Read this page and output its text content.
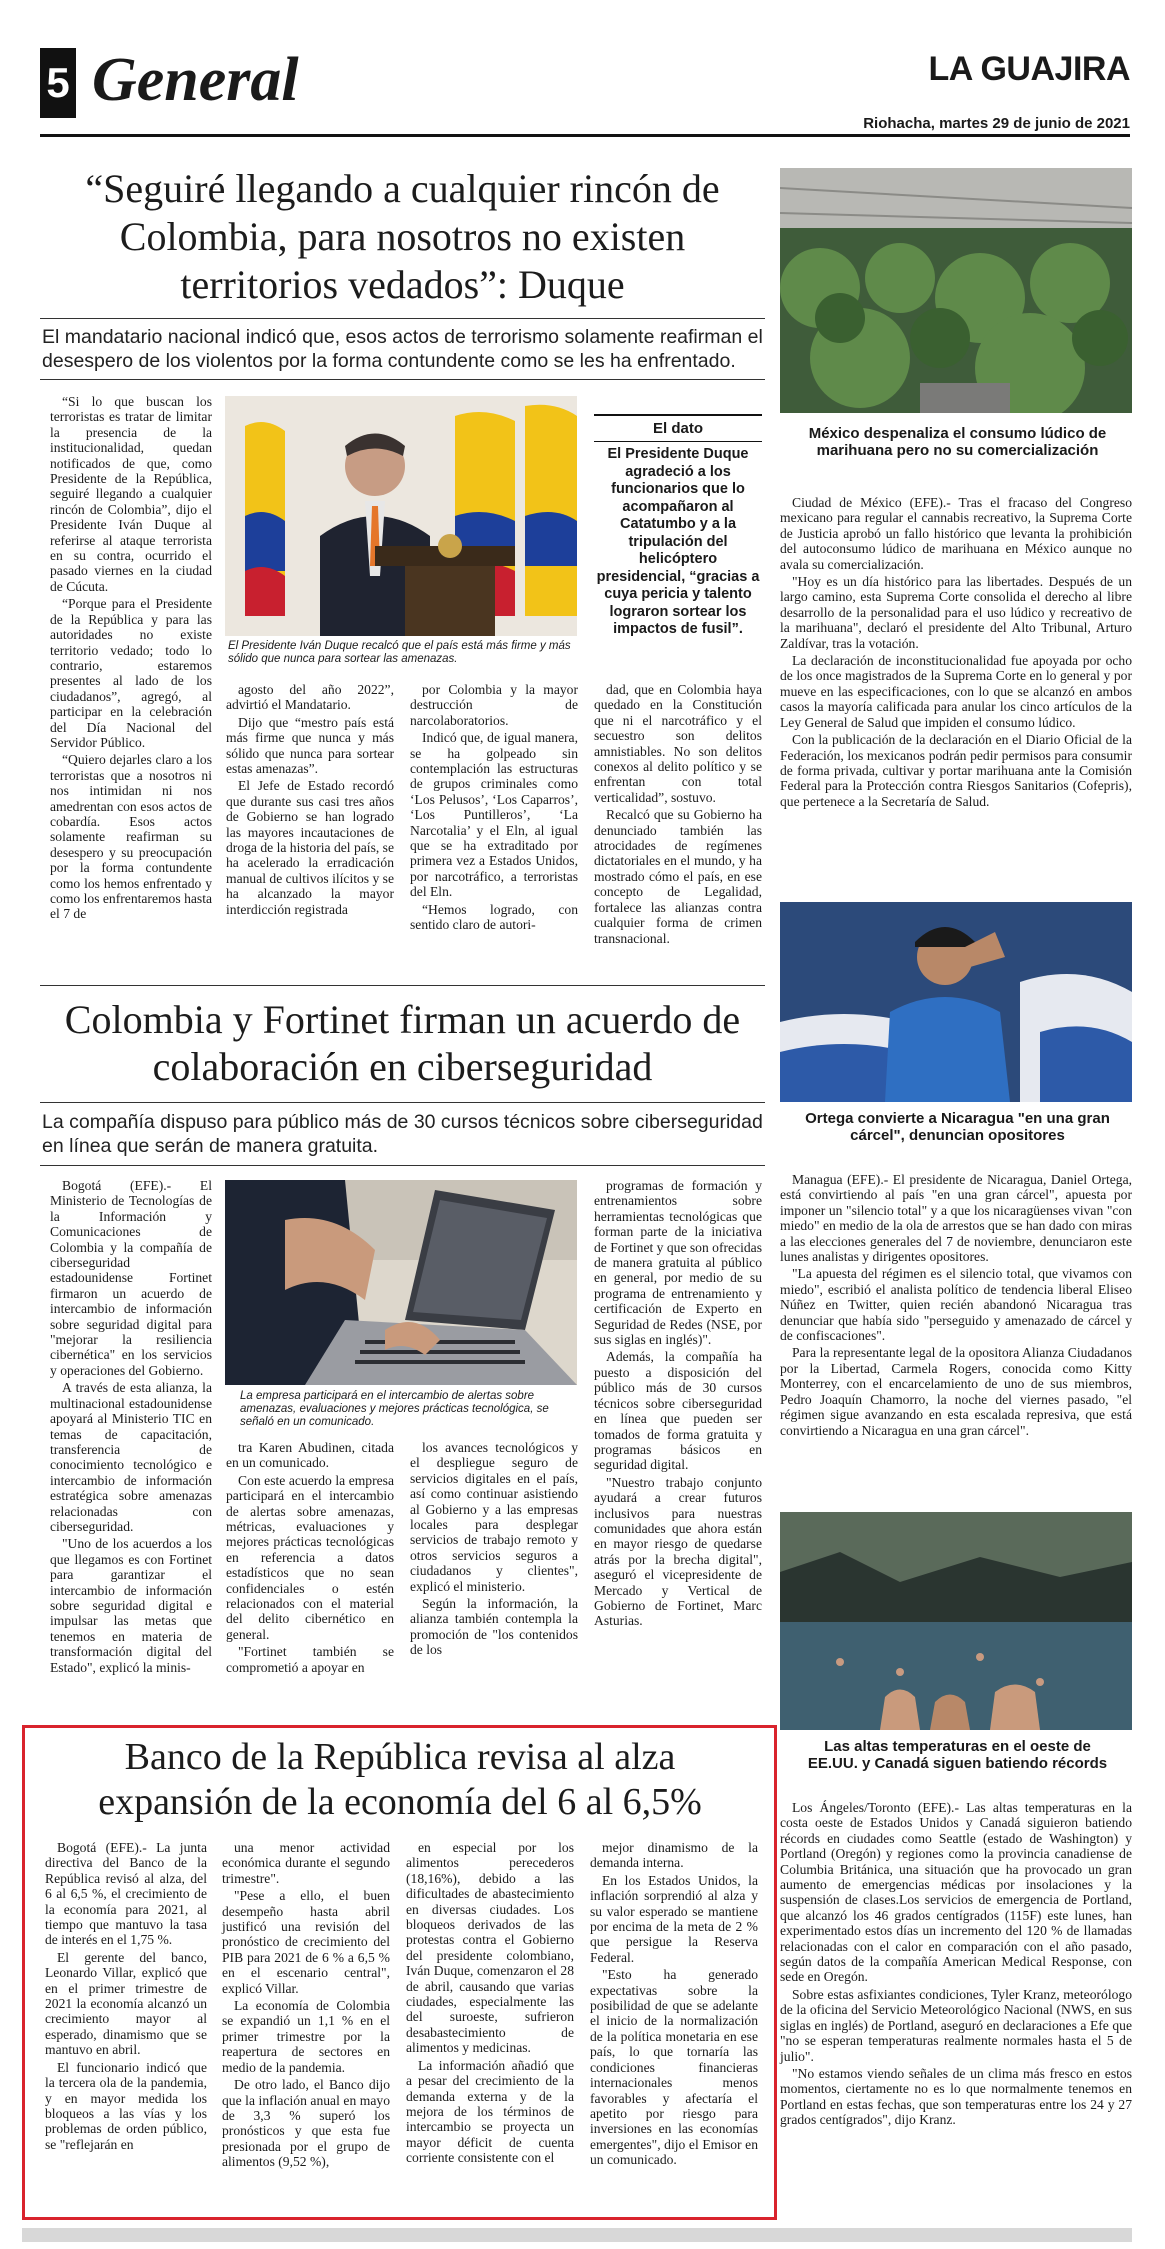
5 General	LA GUAJIRA
Riohacha, martes 29 de junio de 2021
“Seguiré llegando a cualquier rincón de Colombia, para nosotros no existen territorios vedados”: Duque
El mandatario nacional indicó que, esos actos de terrorismo solamente reafirman el desespero de los violentos por la forma contundente como se les ha enfrentado.

“Si lo que buscan los terroristas es tratar de limitar la presencia de la institucionalidad, quedan notificados de que, como Presidente de la República, seguiré llegando a cualquier rincón de Colombia”, dijo el Presidente Iván Duque al referirse al ataque terrorista en su contra, ocurrido el pasado viernes en la ciudad de Cúcuta.

“Porque para el Presidente de la República y para las autoridades no existe territorio vedado; todo lo contrario, estaremos presentes al lado de los ciudadanos”, agregó, al participar en la celebración del Día Nacional del Servidor Público.

“Quiero dejarles claro a los terroristas que a nosotros ni nos intimidan ni nos amedrentan con esos actos de cobardía. Esos actos solamente reafirman su desespero y su preocupación por la forma contundente como los hemos enfrentado y como los enfrentaremos hasta el 7 de

El Presidente Iván Duque recalcó que el país está más firme y más sólido que nunca para sortear las amenazas.

agosto del año 2022”, advirtió el Mandatario.

Dijo que “mestro país está más firme que nunca y más sólido que nunca para sortear estas amenazas”.

El Jefe de Estado recordó que durante sus casi tres años de Gobierno se han logrado las mayores incautaciones de droga de la historia del país, se ha acelerado la erradicación manual de cultivos ilícitos y se ha alcanzado la mayor interdicción registrada

por Colombia y la mayor destrucción de narcolaboratorios.

Indicó que, de igual manera, se ha golpeado sin contemplación las estructuras de grupos criminales como ‘Los Pelusos’, ‘Los Caparros’, ‘Los Puntilleros’, ‘La Narcotalia’ y el Eln, al igual que se ha extraditado por primera vez a Estados Unidos, por narcotráfico, a terroristas del Eln.

“Hemos logrado, con sentido claro de autori-

El dato
El Presidente Duque agradeció a los funcionarios que lo acompañaron al Catatumbo y a la tripulación del helicóptero presidencial, “gracias a cuya pericia y talento lograron sortear los impactos de fusil”.

dad, que en Colombia haya quedado en la Constitución que ni el narcotráfico y el secuestro son delitos amnistiables. No son delitos conexos al delito político y se enfrentan con total verticalidad”, sostuvo.

Recalcó que su Gobierno ha denunciado también las atrocidades de regímenes dictatoriales en el mundo, y ha mostrado cómo el país, en ese concepto de Legalidad, fortalece las alianzas contra cualquier forma de crimen transnacional.

Colombia y Fortinet firman un acuerdo de colaboración en ciberseguridad
La compañía dispuso para público más de 30 cursos técnicos sobre ciberseguridad en línea que serán de manera gratuita.

Bogotá (EFE).- El Ministerio de Tecnologías de la Información y Comunicaciones de Colombia y la compañía de ciberseguridad estadounidense Fortinet firmaron un acuerdo de intercambio de información sobre seguridad digital para "mejorar la resiliencia cibernética" en los servicios y operaciones del Gobierno.

A través de esta alianza, la multinacional estadounidense apoyará al Ministerio TIC en temas de capacitación, transferencia de conocimiento tecnológico e intercambio de información estratégica sobre amenazas relacionadas con ciberseguridad.

"Uno de los acuerdos a los que llegamos es con Fortinet para garantizar el intercambio de información sobre seguridad digital e impulsar las metas que tenemos en materia de transformación digital del Estado", explicó la minis-

La empresa participará en el intercambio de alertas sobre amenazas, evaluaciones y mejores prácticas tecnológica, se señaló en un comunicado.

tra Karen Abudinen, citada en un comunicado.

Con este acuerdo la empresa participará en el intercambio de alertas sobre amenazas, métricas, evaluaciones y mejores prácticas tecnológicas en referencia a datos estadísticos que no sean confidenciales o estén relacionados con el material del delito cibernético en general.

"Fortinet también se comprometió a apoyar en

los avances tecnológicos y el despliegue seguro de servicios digitales en el país, así como continuar asistiendo al Gobierno y a las empresas locales para desplegar servicios de trabajo remoto y otros servicios seguros a ciudadanos y clientes", explicó el ministerio.

Según la información, la alianza también contempla la promoción de "los contenidos de los

programas de formación y entrenamientos sobre herramientas tecnológicas que forman parte de la iniciativa de Fortinet y que son ofrecidas de manera gratuita al público en general, por medio de su programa de entrenamiento y certificación de Experto en Seguridad de Redes (NSE, por sus siglas en inglés)".

Además, la compañía ha puesto a disposición del público más de 30 cursos técnicos sobre ciberseguridad en línea que pueden ser tomados de forma gratuita y programas básicos en seguridad digital.

"Nuestro trabajo conjunto ayudará a crear futuros inclusivos para nuestras comunidades que ahora están en mayor riesgo de quedarse atrás por la brecha digital", aseguró el vicepresidente de Mercado y Vertical de Gobierno de Fortinet, Marc Asturias.

Banco de la República revisa al alza expansión de la economía del 6 al 6,5%

Bogotá (EFE).- La junta directiva del Banco de la República revisó al alza, del 6 al 6,5 %, el crecimiento de la economía para 2021, al tiempo que mantuvo la tasa de interés en el 1,75 %.

El gerente del banco, Leonardo Villar, explicó que en el primer trimestre de 2021 la economía alcanzó un crecimiento mayor al esperado, dinamismo que se mantuvo en abril.

El funcionario indicó que la tercera ola de la pandemia, y en mayor medida los bloqueos a las vías y los problemas de orden público, se "reflejarán en

una menor actividad económica durante el segundo trimestre".

"Pese a ello, el buen desempeño hasta abril justificó una revisión del pronóstico de crecimiento del PIB para 2021 de 6 % a 6,5 % en el escenario central", explicó Villar.

La economía de Colombia se expandió un 1,1 % en el primer trimestre por la reapertura de sectores en medio de la pandemia.

De otro lado, el Banco dijo que la inflación anual en mayo de 3,3 % superó los pronósticos y que esta fue presionada por el grupo de alimentos (9,52 %),

en especial por los alimentos perecederos (18,16%), debido a las dificultades de abastecimiento en diversas ciudades. Los bloqueos derivados de las protestas contra el Gobierno del presidente colombiano, Iván Duque, comenzaron el 28 de abril, causando que varias ciudades, especialmente las del suroeste, sufrieron desabastecimiento de alimentos y medicinas.

La información añadió que a pesar del crecimiento de la demanda externa y de la mejora de los términos de intercambio se proyecta un mayor déficit de cuenta corriente consistente con el

mejor dinamismo de la demanda interna.

En los Estados Unidos, la inflación sorprendió al alza y su valor esperado se mantiene por encima de la meta de 2 % que persigue la Reserva Federal.

"Esto ha generado expectativas sobre la posibilidad de que se adelante el inicio de la normalización de la política monetaria en ese país, lo que tornaría las condiciones financieras internacionales menos favorables y afectaría el apetito por riesgo para inversiones en las economías emergentes", dijo el Emisor en un comunicado.

México despenaliza el consumo lúdico de marihuana pero no su comercialización

Ciudad de México (EFE).- Tras el fracaso del Congreso mexicano para regular el cannabis recreativo, la Suprema Corte de Justicia aprobó un fallo histórico que levanta la prohibición del autoconsumo lúdico de marihuana en México aunque no avala su comercialización.

"Hoy es un día histórico para las libertades. Después de un largo camino, esta Suprema Corte consolida el derecho al libre desarrollo de la personalidad para el uso lúdico y recreativo de la marihuana", declaró el presidente del Alto Tribunal, Arturo Zaldívar, tras la votación.

La declaración de inconstitucionalidad fue apoyada por ocho de los once magistrados de la Suprema Corte en lo general y por mueve en las especificaciones, con lo que se alcanzó en ambos casos la mayoría calificada para anular los cinco artículos de la Ley General de Salud que impiden el consumo lúdico.

Con la publicación de la declaración en el Diario Oficial de la Federación, los mexicanos podrán pedir permisos para consumir de forma privada, cultivar y portar marihuana ante la Comisión Federal para la Protección contra Riesgos Sanitarios (Cofepris), que pertenece a la Secretaría de Salud.

Ortega convierte a Nicaragua "en una gran cárcel", denuncian opositores

Managua (EFE).- El presidente de Nicaragua, Daniel Ortega, está convirtiendo al país "en una gran cárcel", apuesta por imponer un "silencio total" y a que los nicaragüenses vivan "con miedo" en medio de la ola de arrestos que se han dado con miras a las elecciones generales del 7 de noviembre, denunciaron este lunes analistas y dirigentes opositores.

"La apuesta del régimen es el silencio total, que vivamos con miedo", escribió el analista político de tendencia liberal Eliseo Núñez en Twitter, quien recién abandonó Nicaragua tras denunciar que había sido "perseguido y amenazado de cárcel y de confiscaciones".

Para la representante legal de la opositora Alianza Ciudadanos por la Libertad, Carmela Rogers, conocida como Kitty Monterrey, con el encarcelamiento de uno de sus miembros, Pedro Joaquín Chamorro, la noche del viernes pasado, "el régimen sigue avanzando en esta escalada represiva, que está convirtiendo a Nicaragua en una gran cárcel".

Las altas temperaturas en el oeste de EE.UU. y Canadá siguen batiendo récords

Los Ángeles/Toronto (EFE).- Las altas temperaturas en la costa oeste de Estados Unidos y Canadá siguieron batiendo récords en ciudades como Seattle (estado de Washington) y Portland (Oregón) y regiones como la provincia canadiense de Columbia Británica, una situación que ha provocado un gran aumento de emergencias médicas por insolaciones y la suspensión de clases.Los servicios de emergencia de Portland, que alcanzó los 46 grados centígrados (115F) este lunes, han experimentado estos días un incremento del 120 % de llamadas relacionadas con el calor en comparación con el año pasado, según datos de la compañía American Medical Response, con sede en Oregón.

Sobre estas asfixiantes condiciones, Tyler Kranz, meteorólogo de la oficina del Servicio Meteorológico Nacional (NWS, en sus siglas en inglés) de Portland, aseguró en declaraciones a Efe que "no se esperan temperaturas realmente normales hasta el 5 de julio".

"No estamos viendo señales de un clima más fresco en estos momentos, ciertamente no es lo que normalmente tenemos en Portland en estas fechas, que son temperaturas entre los 24 y 27 grados centígrados", dijo Kranz.
